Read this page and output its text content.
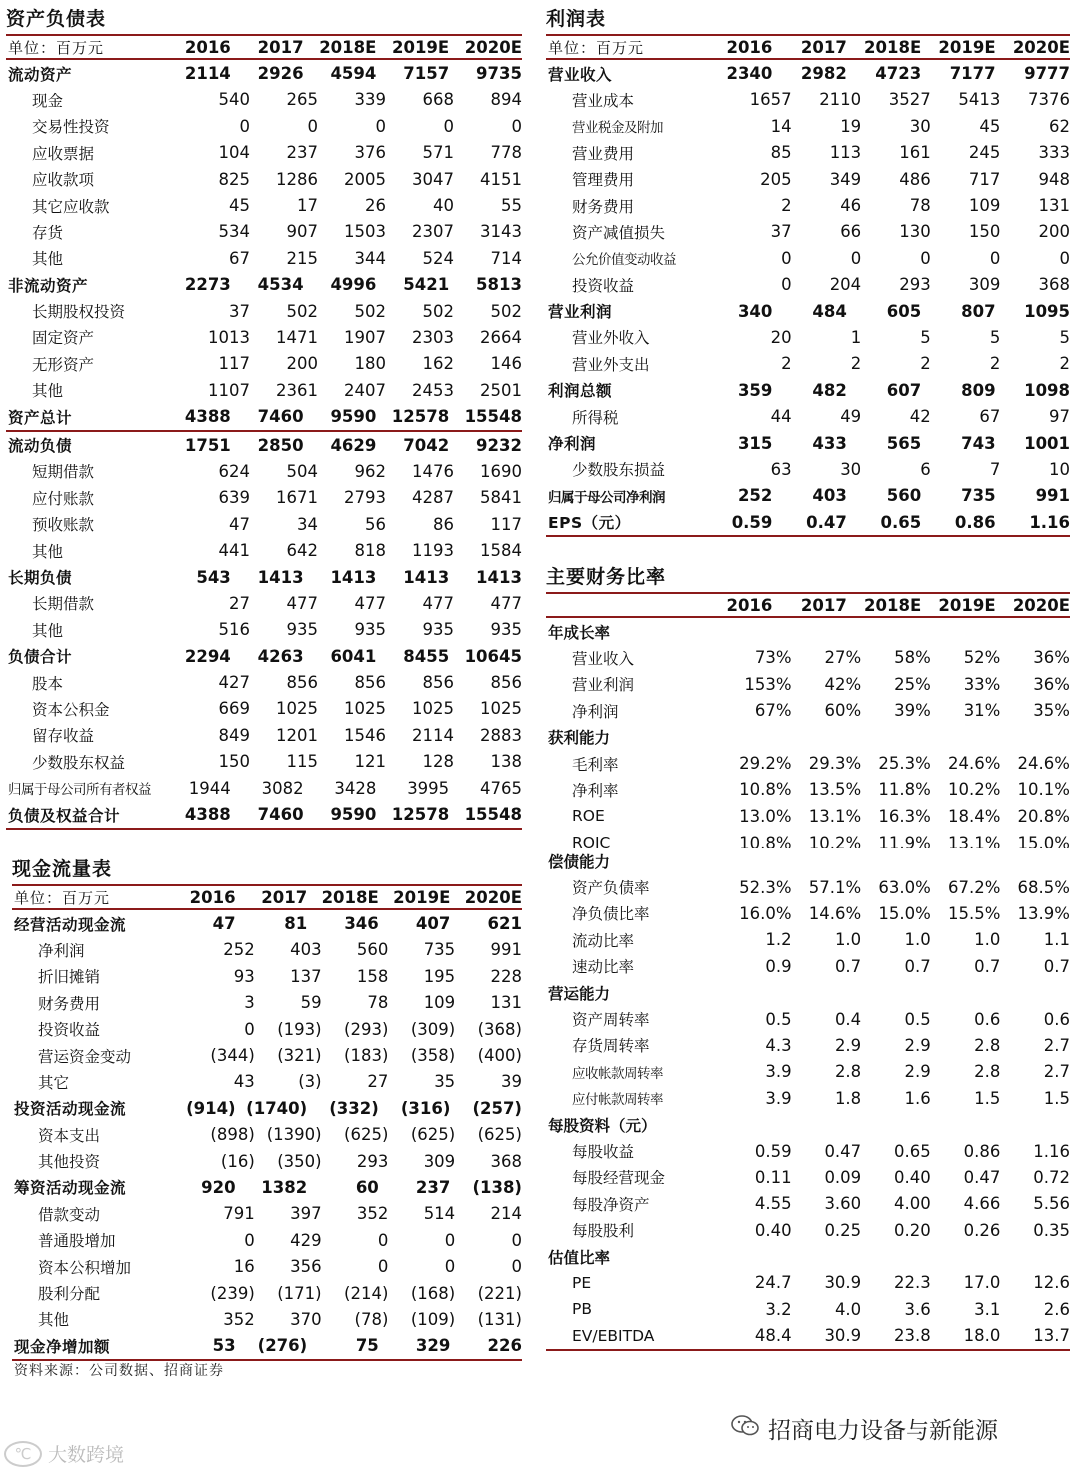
资产负债表
单位：百万元	2016	2017 2018E 2019E 2020E
流动资产	2114	2926	4594	7157	9735
现金	540	265	339	668	894
交易性投资	0	0	0	0	0
应收票据	104	237	376	571	778
应收款项	825	1286	2005	3047	4151
其它应收款	45	17	26	40	55
存货	534	907	1503	2307	3143
其他	67	215	344	524	714
非流动资产	2273	4534	4996	5421	5813
长期股权投资	37	502	502	502	502
固定资产	1013	1471	1907	2303	2664
无形资产	117	200	180	162	146
其他	1107	2361	2407	2453	2501
资产总计	4388	7460	9590 12578 15548
流动负债	1751	2850	4629	7042	9232
短期借款	624	504	962	1476	1690
应付账款	639	1671	2793	4287	5841
预收账款	47	34	56	86	117
其他	441	642	818	1193	1584
长期负债	543	1413	1413	1413	1413
长期借款	27	477	477	477	477
其他	516	935	935	935	935
负债合计	2294	4263	6041	8455 10645
股本	427	856	856	856	856
资本公积金	669	1025	1025	1025	1025
留存收益	849	1201	1546	2114	2883
少数股东权益	150	115	121	128	138
归属于母公司所有者权益	1944	3082	3428	3995	4765
负债及权益合计	4388	7460	9590 12578 15548
利润表
单位：百万元	2016	2017	2018E	2019E	2020E
营业收入	2340	2982	4723	7177	9777
营业成本	1657	2110	3527	5413	7376
营业税金及附加	14	19	30	45	62
营业费用	85	113	161	245	333
管理费用	205	349	486	717	948
财务费用	2	46	78	109	131
资产减值损失	37	66	130	150	200
公允价值变动收益	0	0	0	0	0
投资收益	0	204	293	309	368
营业利润	340	484	605	807	1095
营业外收入	20	1	5	5	5
营业外支出	2	2	2	2	2
利润总额	359	482	607	809	1098
所得税	44	49	42	67	97
净利润	315	433	565	743	1001
少数股东损益	63	30	6	7	10
归属于母公司净利润	252	403	560	735	991
EPS（元）	0.59	0.47	0.65	0.86	1.16
主要财务比率
2016	2017	2018E	2019E	2020E
年成长率
营业收入	73%	27%	58%	52%	36%
营业利润	153%	42%	25%	33%	36%
净利润	67%	60%	39%	31%	35%
获利能力
毛利率	29.2%	29.3%	25.3%	24.6%	24.6%
净利率	10.8%	13.5%	11.8%	10.2%	10.1%
ROE	13.0%	13.1%	16.3%	18.4%	20.8%
ROIC	10.8%	10.2%	11.9%	13.1%	15.0%
偿债能力
资产负债率	52.3%	57.1%	63.0%	67.2%	68.5%
净负债比率	16.0%	14.6%	15.0%	15.5%	13.9%
流动比率	1.2	1.0	1.0	1.0	1.1
速动比率	0.9	0.7	0.7	0.7	0.7
营运能力
资产周转率	0.5	0.4	0.5	0.6	0.6
存货周转率	4.3	2.9	2.9	2.8	2.7
应收帐款周转率	3.9	2.8	2.9	2.8	2.7
应付帐款周转率	3.9	1.8	1.6	1.5	1.5
每股资料（元）
每股收益	0.59	0.47	0.65	0.86	1.16
每股经营现金	0.11	0.09	0.40	0.47	0.72
每股净资产	4.55	3.60	4.00	4.66	5.56
每股股利	0.40	0.25	0.20	0.26	0.35
估值比率
PE	24.7	30.9	22.3	17.0	12.6
PB	3.2	4.0	3.6	3.1	2.6
EV/EBITDA	48.4	30.9	23.8	18.0	13.7
现金流量表
单位：百万元	2016	2017 2018E 2019E 2020E
经营活动现金流	47	81	346	407	621
净利润	252	403	560	735	991
折旧摊销	93	137	158	195	228
财务费用	3	59	78	109	131
投资收益	0	(193)	(293)	(309)	(368)
营运资金变动	(344)	(321)	(183)	(358)	(400)
其它	43	(3)	27	35	39
投资活动现金流	(914) (1740)	(332)	(316)	(257)
资本支出	(898) (1390)	(625)	(625)	(625)
其他投资	(16)	(350)	293	309	368
筹资活动现金流	920	1382	60	237	(138)
借款变动	791	397	352	514	214
普通股增加	0	429	0	0	0
资本公积增加	16	356	0	0	0
股利分配	(239)	(171)	(214)	(168)	(221)
其他	352	370	(78)	(109)	(131)
现金净增加额	53	(276)	75	329	226
资料来源：公司数据、招商证券
招商电力设备与新能源
℃ 大数跨境
